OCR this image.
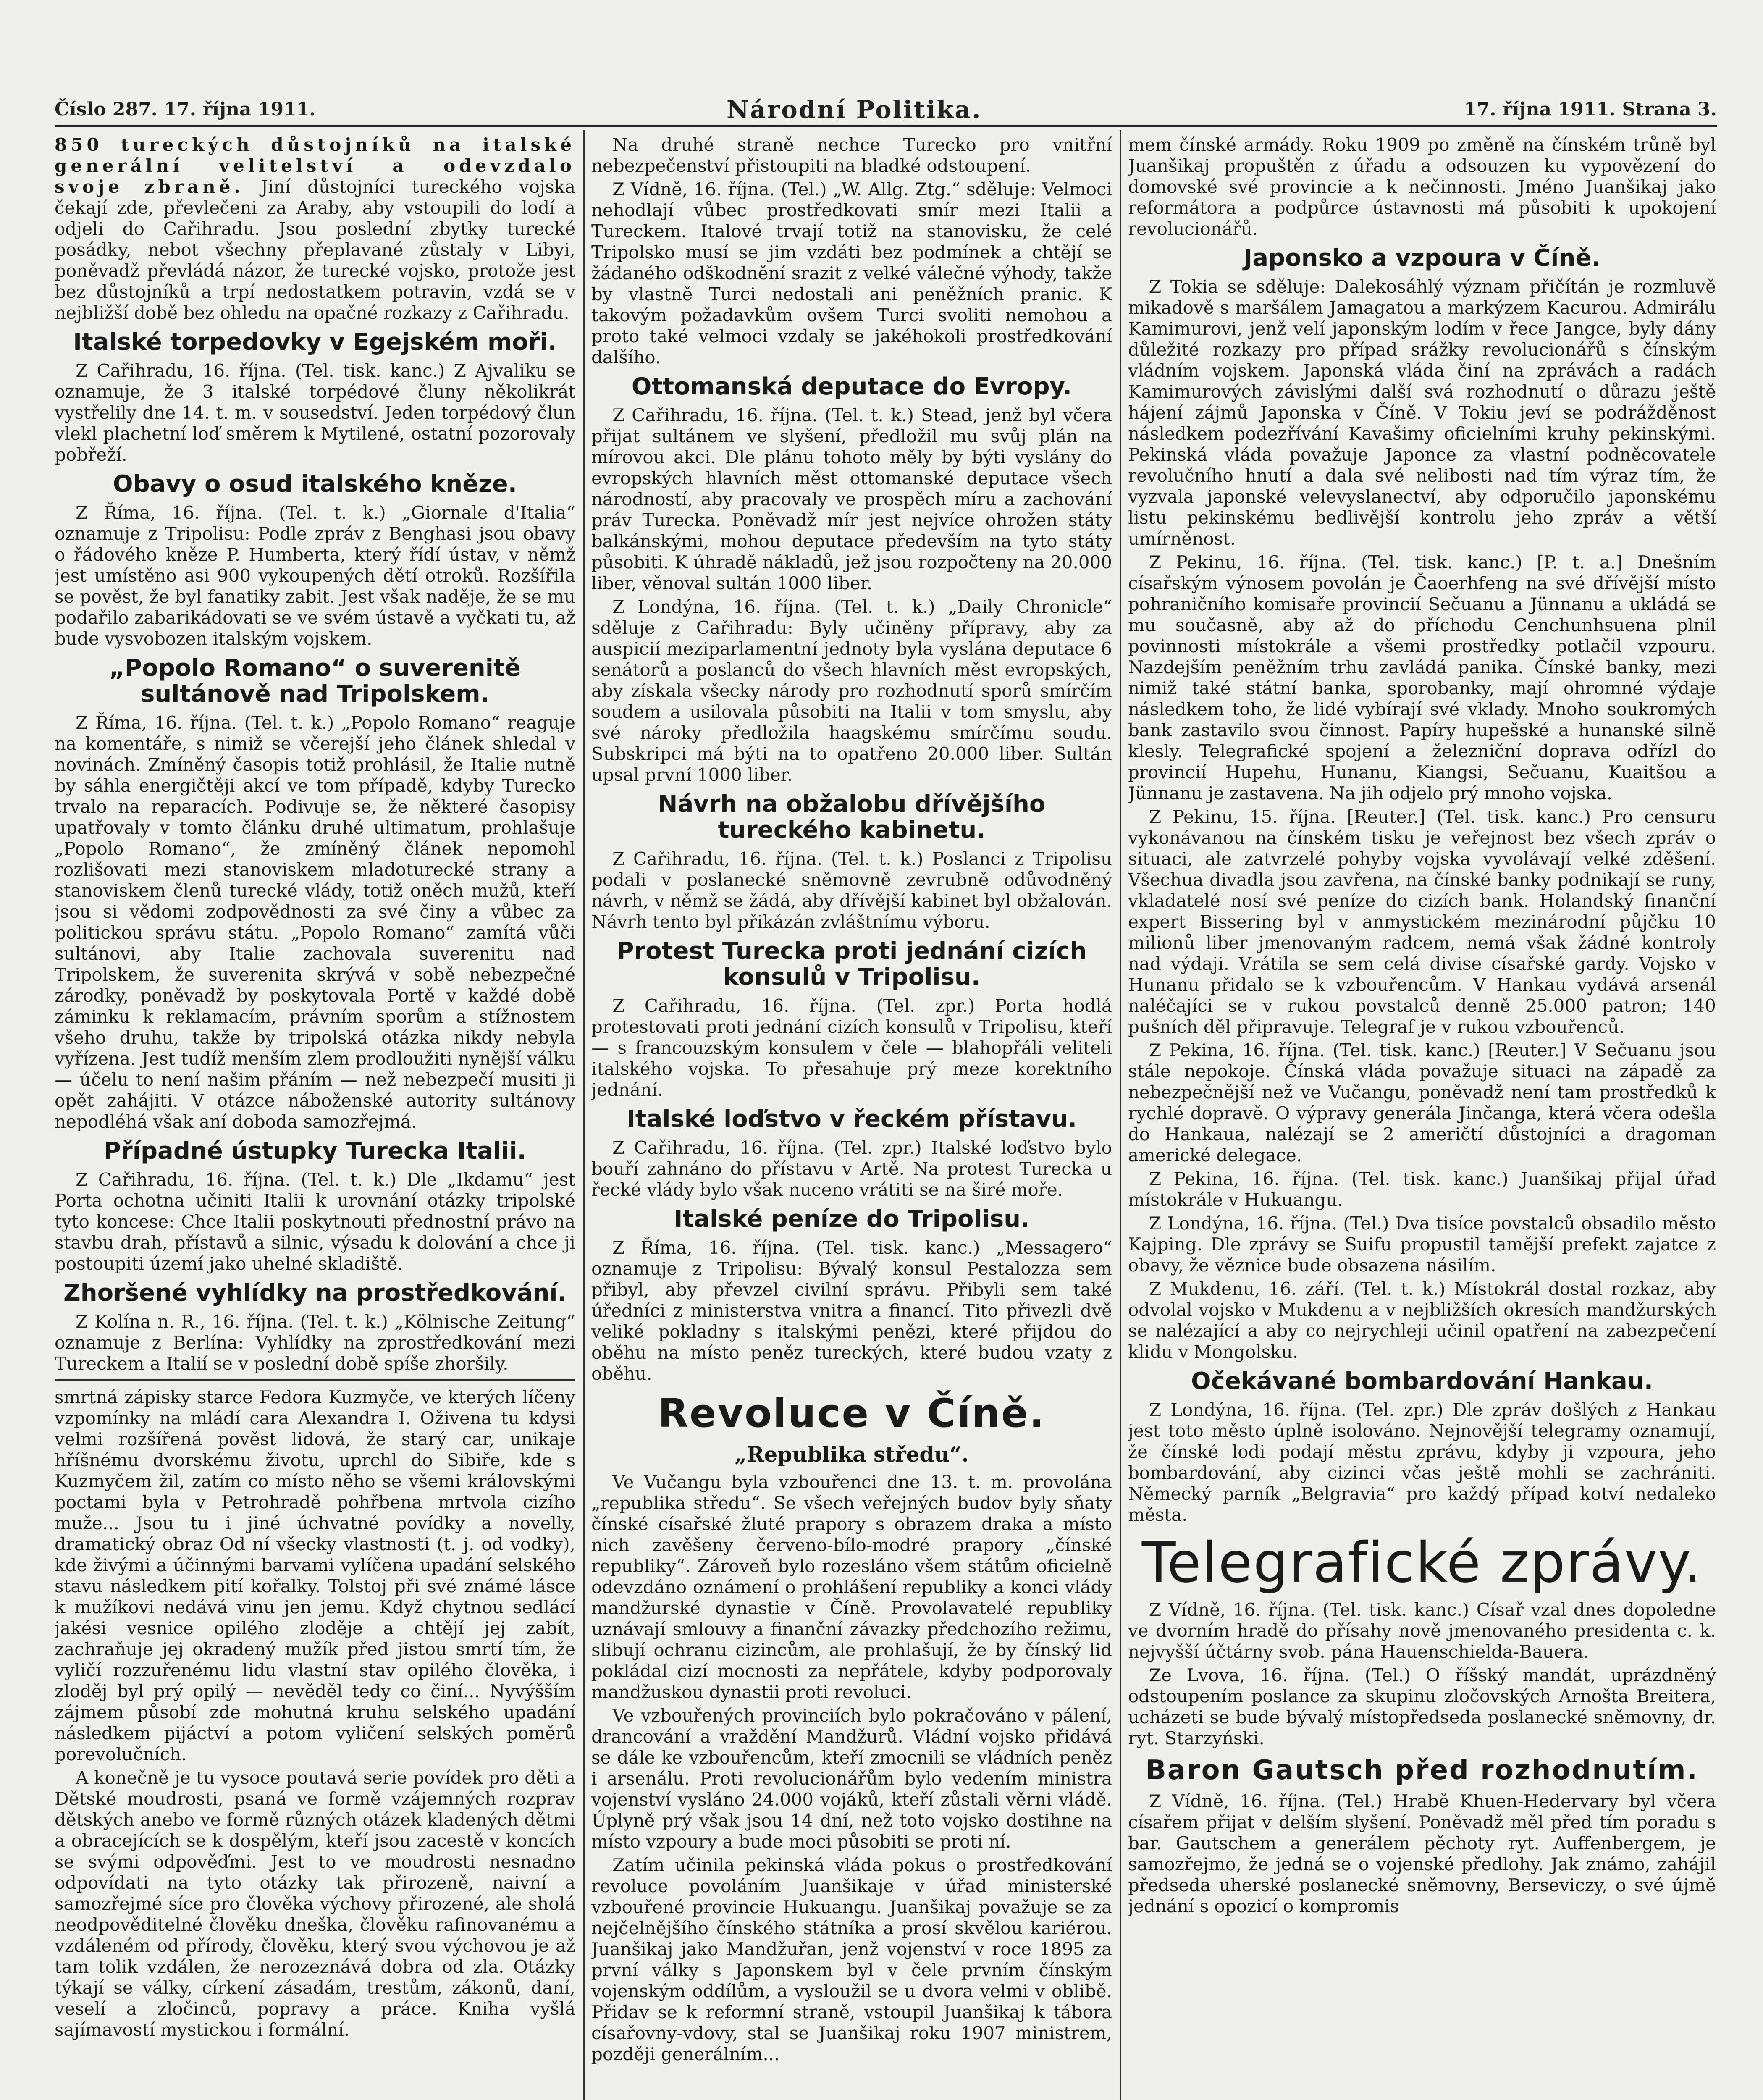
Číslo 287. 17. října 1911.	Národní Politika.	17. října 1911. Strana 3.

850 tureckých důstojníků na italské generální velitelství a odevzdalo svoje zbraně. Jiní důstojníci tureckého vojska čekají zde, převlečeni za Araby, aby vstoupili do lodí a odjeli do Cařihradu. Jsou poslední zbytky turecké posádky, nebot všechny přeplavané zůstaly v Libyi, poněvadž převládá názor, že turecké vojsko, protože jest bez důstojníků a trpí nedostatkem potravin, vzdá se v nejbližší době bez ohledu na opačné rozkazy z Cařihradu.

Italské torpedovky v Egejském moři.

Z Cařihradu, 16. října. (Tel. tisk. kanc.) Z Ajvaliku se oznamuje, že 3 italské torpédové čluny několikrát vystřelily dne 14. t. m. v sousedství. Jeden torpédový člun vlekl plachetní loď směrem k Mytilené, ostatní pozorovaly pobřeží.

Obavy o osud italského kněze.

Z Říma, 16. října. (Tel. t. k.) „Giornale d'Italia“ oznamuje z Tripolisu: Podle zpráv z Benghasi jsou obavy o řádového kněze P. Humberta, který řídí ústav, v němž jest umístěno asi 900 vykoupených dětí otroků. Rozšířila se pověst, že byl fanatiky zabit. Jest však naděje, že se mu podařilo zabarikádovati se ve svém ústavě a vyčkati tu, až bude vysvobozen italským vojskem.

„Popolo Romano“ o suverenitě sultánově nad Tripolskem.

Z Říma, 16. října. (Tel. t. k.) „Popolo Romano“ reaguje na komentáře, s nimiž se včerejší jeho článek shledal v novinách. Zmíněný časopis totiž prohlásil, že Italie nutně by sáhla energičtěji akcí ve tom případě, kdyby Turecko trvalo na reparacích. Podivuje se, že některé časopisy upatřovaly v tomto článku druhé ultimatum, prohlašuje „Popolo Romano“, že zmíněný článek nepomohl rozlišovati mezi stanoviskem mladoturecké strany a stanoviskem členů turecké vlády, totiž oněch mužů, kteří jsou si vědomi zodpovědnosti za své činy a vůbec za politickou správu státu. „Popolo Romano“ zamítá vůči sultánovi, aby Italie zachovala suverenitu nad Tripolskem, že suverenita skrývá v sobě nebezpečné zárodky, poněvadž by poskytovala Portě v každé době záminku k reklamacím, právním sporům a stížnostem všeho druhu, takže by tripolská otázka nikdy nebyla vyřízena. Jest tudíž menším zlem prodloužiti nynější válku — účelu to není našim přáním — než nebezpečí musiti ji opět zahájiti. V otázce náboženské autority sultánovy nepodléhá však aní doboda samozřejmá.

Případné ústupky Turecka Italii.

Z Cařihradu, 16. října. (Tel. t. k.) Dle „Ikdamu“ jest Porta ochotna učiniti Italii k urovnání otázky tripolské tyto koncese: Chce Italii poskytnouti přednostní právo na stavbu drah, přístavů a silnic, výsadu k dolování a chce ji postoupiti území jako uhelné skladiště.

Zhoršené vyhlídky na prostředkování.

Z Kolína n. R., 16. října. (Tel. t. k.) „Kölnische Zeitung“ oznamuje z Berlína: Vyhlídky na zprostředkování mezi Tureckem a Italií se v poslední době spíše zhoršily.

smrtná zápisky starce Fedora Kuzmyče, ve kterých líčeny vzpomínky na mládí cara Alexandra I. Oživena tu kdysi velmi rozšířená pověst lidová, že starý car, unikaje hříšnému dvorskému životu, uprchl do Sibiře, kde s Kuzmyčem žil, zatím co místo něho se všemi královskými poctami byla v Petrohradě pohřbena mrtvola cizího muže... Jsou tu i jiné úchvatné povídky a novelly, dramatický obraz Od ní všecky vlastnosti (t. j. od vodky), kde živými a účinnými barvami vylíčena upadání selského stavu následkem pití kořalky. Tolstoj při své známé lásce k mužíkovi nedává vinu jen jemu. Když chytnou sedlácí jakési vesnice opilého zloděje a chtějí jej zabít, zachraňuje jej okradený mužík před jistou smrtí tím, že vyličí rozzuřenému lidu vlastní stav opilého člověka, i zloděj byl prý opilý — nevěděl tedy co činí... Nyvýšším zájmem působí zde mohutná kruhu selského upadání následkem pijáctví a potom vyličení selských poměrů porevolučních.

A konečně je tu vysoce poutavá serie povídek pro děti a Dětské moudrosti, psaná ve formě vzájemných rozprav dětských anebo ve formě různých otázek kladených dětmi a obracejících se k dospělým, kteří jsou zacestě v koncích se svými odpověďmi. Jest to ve moudrosti nesnadno odpovídati na tyto otázky tak přirozeně, naivní a samozřejmé síce pro člověka výchovy přirozené, ale sholá neodpověditelné člověku dneška, člověku rafinovanému a vzdáleném od přírody, člověku, který svou výchovou je až tam tolik vzdálen, že nerozeznává dobra od zla. Otázky týkají se války, církení zásadám, trestům, zákonů, daní, veselí a zločinců, popravy a práce. Kniha vyšlá sajímavostí mystickou i formální.

Na druhé straně nechce Turecko pro vnitřní nebezpečenství přistoupiti na bladké odstoupení.

Z Vídně, 16. října. (Tel.) „W. Allg. Ztg.“ sděluje: Velmoci nehodlají vůbec prostředkovati smír mezi Italii a Tureckem. Italové trvají totiž na stanovisku, že celé Tripolsko musí se jim vzdáti bez podmínek a chtějí se žádaného odškodnění srazit z velké válečné výhody, takže by vlastně Turci nedostali ani peněžních pranic. K takovým požadavkům ovšem Turci svoliti nemohou a proto také velmoci vzdaly se jakéhokoli prostředkování dalšího.

Ottomanská deputace do Evropy.

Z Cařihradu, 16. října. (Tel. t. k.) Stead, jenž byl včera přijat sultánem ve slyšení, předložil mu svůj plán na mírovou akci. Dle plánu tohoto měly by býti vyslány do evropských hlavních měst ottomanské deputace všech národností, aby pracovaly ve prospěch míru a zachování práv Turecka. Poněvadž mír jest nejvíce ohrožen státy balkánskými, mohou deputace především na tyto státy působiti. K úhradě nákladů, jež jsou rozpočteny na 20.000 liber, věnoval sultán 1000 liber.

Z Londýna, 16. října. (Tel. t. k.) „Daily Chronicle“ sděluje z Cařihradu: Byly učiněny přípravy, aby za auspicií meziparlamentní jednoty byla vyslána deputace 6 senátorů a poslanců do všech hlavních měst evropských, aby získala všecky národy pro rozhodnutí sporů smírčím soudem a usilovala působiti na Italii v tom smyslu, aby své nároky předložila haagskému smírčímu soudu. Subskripci má býti na to opatřeno 20.000 liber. Sultán upsal první 1000 liber.

Návrh na obžalobu dřívějšího tureckého kabinetu.

Z Cařihradu, 16. října. (Tel. t. k.) Poslanci z Tripolisu podali v poslanecké sněmovně zevrubně odůvodněný návrh, v němž se žádá, aby dřívější kabinet byl obžalován. Návrh tento byl přikázán zvláštnímu výboru.

Protest Turecka proti jednání cizích konsulů v Tripolisu.

Z Cařihradu, 16. října. (Tel. zpr.) Porta hodlá protestovati proti jednání cizích konsulů v Tripolisu, kteří — s francouzským konsulem v čele — blahopřáli veliteli italského vojska. To přesahuje prý meze korektního jednání.

Italské loďstvo v řeckém přístavu.

Z Cařihradu, 16. října. (Tel. zpr.) Italské loďstvo bylo bouří zahnáno do přístavu v Artě. Na protest Turecka u řecké vlády bylo však nuceno vrátiti se na širé moře.

Italské peníze do Tripolisu.

Z Říma, 16. října. (Tel. tisk. kanc.) „Messagero“ oznamuje z Tripolisu: Bývalý konsul Pestalozza sem přibyl, aby převzel civilní správu. Přibyli sem také úředníci z ministerstva vnitra a financí. Tito přivezli dvě veliké pokladny s italskými penězi, které přijdou do oběhu na místo peněz tureckých, které budou vzaty z oběhu.

Revoluce v Číně.
„Republika středu“.

Ve Vučangu byla vzbouřenci dne 13. t. m. provolána „republika středu“. Se všech veřejných budov byly sňaty čínské císařské žluté prapory s obrazem draka a místo nich zavěšeny červeno-bílo-modré prapory „čínské republiky“. Zároveň bylo rozesláno všem státům oficielně odevzdáno oznámení o prohlášení republiky a konci vlády mandžurské dynastie v Číně. Provolavatelé republiky uznávají smlouvy a finanční závazky předchozího režimu, slibují ochranu cizincům, ale prohlašují, že by čínský lid pokládal cizí mocnosti za nepřátele, kdyby podporovaly mandžuskou dynastii proti revoluci.

Ve vzbouřených provinciích bylo pokračováno v pálení, drancování a vraždění Mandžurů. Vládní vojsko přidává se dále ke vzbouřencům, kteří zmocnili se vládních peněz i arsenálu. Proti revolucionářům bylo vedením ministra vojenství vysláno 24.000 vojáků, kteří zůstali věrni vládě. Úplyně prý však jsou 14 dní, než toto vojsko dostihne na místo vzpoury a bude moci působiti se proti ní.

Zatím učinila pekinská vláda pokus o prostředkování revoluce povoláním Juanšikaje v úřad ministerské vzbouřené provincie Hukuangu. Juanšikaj považuje se za nejčelnějšího čínského státníka a prosí skvělou kariérou. Juanšikaj jako Mandžuřan, jenž vojenství v roce 1895 za první války s Japonskem byl v čele prvním čínským vojenským oddílům, a vysloužil se u dvora velmi v oblibě. Přidav se k reformní straně, vstoupil Juanšikaj k tábora císařovny-vdovy, stal se Juanšikaj roku 1907 ministrem, později generálním...

mem čínské armády. Roku 1909 po změně na čínském trůně byl Juanšikaj propuštěn z úřadu a odsouzen ku vypovězení do domovské své provincie a k nečinnosti. Jméno Juanšikaj jako reformátora a podpůrce ústavnosti má působiti k upokojení revolucionářů.

Japonsko a vzpoura v Číně.

Z Tokia se sděluje: Dalekosáhlý význam přičítán je rozmluvě mikadově s maršálem Jamagatou a markýzem Kacurou. Admirálu Kamimurovi, jenž velí japonským lodím v řece Jangce, byly dány důležité rozkazy pro případ srážky revolucionářů s čínským vládním vojskem. Japonská vláda činí na zprávách a radách Kamimurových závislými další svá rozhodnutí o důrazu ještě hájení zájmů Japonska v Číně. V Tokiu jeví se podrážděnost následkem podezřívání Kavašimy oficielními kruhy pekinskými. Pekinská vláda považuje Japonce za vlastní podněcovatele revolučního hnutí a dala své nelibosti nad tím výraz tím, že vyzvala japonské velevyslanectví, aby odporučilo japonskému listu pekinskému bedlivější kontrolu jeho zpráv a větší umírněnost.

Z Pekinu, 16. října. (Tel. tisk. kanc.) [P. t. a.] Dnešním císařským výnosem povolán je Čaoerhfeng na své dřívější místo pohraničního komisaře provincií Sečuanu a Jünnanu a ukládá se mu současně, aby až do příchodu Cenchunhsuena plnil povinnosti místokrále a všemi prostředky potlačil vzpouru. Nazdejším peněžním trhu zavládá panika. Čínské banky, mezi nimiž také státní banka, sporobanky, mají ohromné výdaje následkem toho, že lidé vybírají své vklady. Mnoho soukromých bank zastavilo svou činnost. Papíry hupešské a hunanské silně klesly. Telegrafické spojení a železniční doprava odřízl do provincií Hupehu, Hunanu, Kiangsi, Sečuanu, Kuaitšou a Jünnanu je zastavena. Na jih odjelo prý mnoho vojska.

Z Pekinu, 15. října. [Reuter.] (Tel. tisk. kanc.) Pro censuru vykonávanou na čínském tisku je veřejnost bez všech zpráv o situaci, ale zatvrzelé pohyby vojska vyvolávají velké zděšení. Všechua divadla jsou zavřena, na čínské banky podnikají se runy, vkladatelé nosí své peníze do cizích bank. Holandský finanční expert Bissering byl v anmystickém mezinárodní půjčku 10 milionů liber jmenovaným radcem, nemá však žádné kontroly nad výdaji. Vrátila se sem celá divise císařské gardy. Vojsko v Hunanu přidalo se k vzbouřencům. V Hankau vydává arsenál naléčajíci se v rukou povstalců denně 25.000 patron; 140 pušních děl připravuje. Telegraf je v rukou vzbouřenců.

Z Pekina, 16. října. (Tel. tisk. kanc.) [Reuter.] V Sečuanu jsou stále nepokoje. Čínská vláda považuje situaci na západě za nebezpečnější než ve Vučangu, poněvadž není tam prostředků k rychlé dopravě. O výpravy generála Jinčanga, která včera odešla do Hankaua, nalézají se 2 američtí důstojníci a dragoman americké delegace.

Z Pekina, 16. října. (Tel. tisk. kanc.) Juanšikaj přijal úřad místokrále v Hukuangu.

Z Londýna, 16. října. (Tel.) Dva tisíce povstalců obsadilo město Kajping. Dle zprávy se Suifu propustil tamější prefekt zajatce z obavy, že věznice bude obsazena násilím.

Z Mukdenu, 16. září. (Tel. t. k.) Místokrál dostal rozkaz, aby odvolal vojsko v Mukdenu a v nejbližších okresích mandžurských se nalézající a aby co nejrychleji učinil opatření na zabezpečení klidu v Mongolsku.

Očekávané bombardování Hankau.

Z Londýna, 16. října. (Tel. zpr.) Dle zpráv došlých z Hankau jest toto město úplně isolováno. Nejnovější telegramy oznamují, že čínské lodi podají městu zprávu, kdyby ji vzpoura, jeho bombardování, aby cizinci včas ještě mohli se zachrániti. Německý parník „Belgravia“ pro každý případ kotví nedaleko města.

Telegrafické zprávy.

Z Vídně, 16. října. (Tel. tisk. kanc.) Císař vzal dnes dopoledne ve dvorním hradě do přísahy nově jmenovaného presidenta c. k. nejvyšší účtárny svob. pána Hauenschielda-Bauera.

Ze Lvova, 16. října. (Tel.) O říšský mandát, uprázdněný odstoupením poslance za skupinu zločovských Arnošta Breitera, ucházeti se bude bývalý místopředseda poslanecké sněmovny, dr. ryt. Starzyński.

Baron Gautsch před rozhodnutím.

Z Vídně, 16. října. (Tel.) Hrabě Khuen-Hedervary byl včera císařem přijat v delším slyšení. Poněvadž měl před tím poradu s bar. Gautschem a generálem pěchoty ryt. Auffenbergem, je samozřejmo, že jedná se o vojenské předlohy. Jak známo, zahájil předseda uherské poslanecké sněmovny, Berseviczy, o své újmě jednání s opozicí o kompromis
